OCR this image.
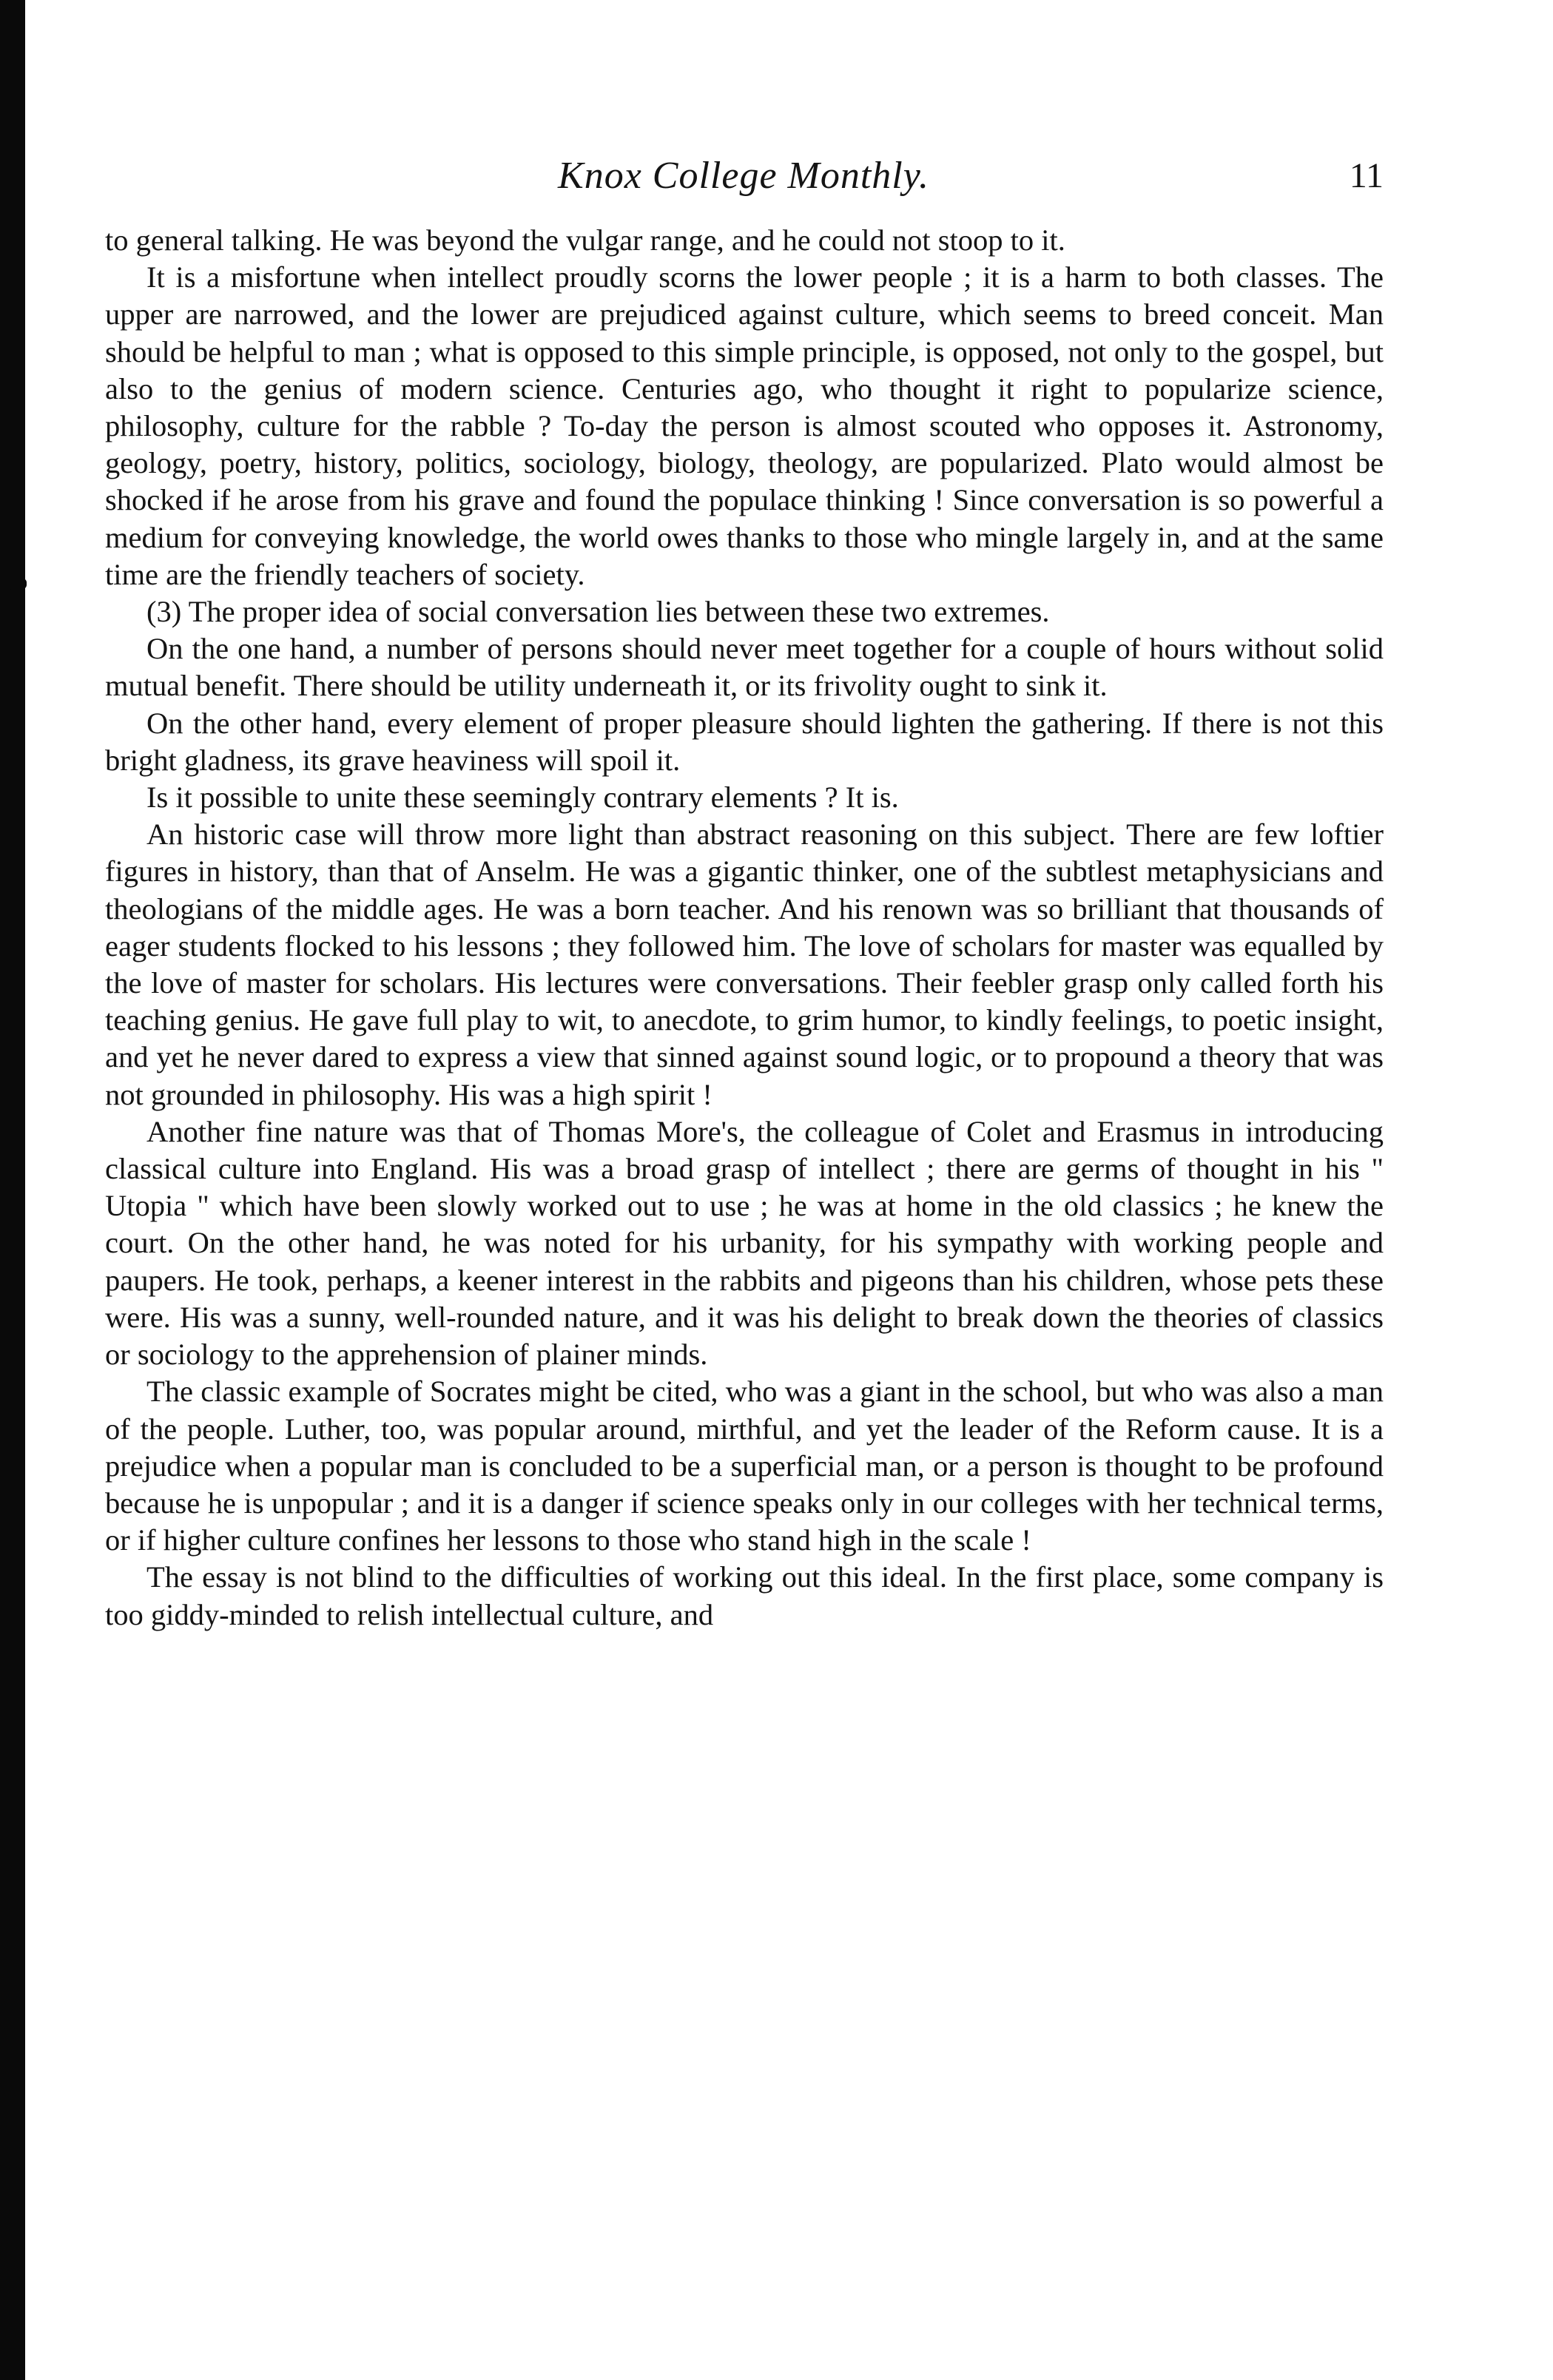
Knox College Monthly.	11

to general talking. He was beyond the vulgar range, and he could not stoop to it.

It is a misfortune when intellect proudly scorns the lower people ; it is a harm to both classes. The upper are narrowed, and the lower are prejudiced against culture, which seems to breed conceit. Man should be helpful to man ; what is opposed to this simple principle, is opposed, not only to the gospel, but also to the genius of modern science. Centuries ago, who thought it right to popularize science, philosophy, culture for the rabble ? To-day the person is almost scouted who opposes it. Astronomy, geology, poetry, history, politics, sociology, biology, theology, are popularized. Plato would almost be shocked if he arose from his grave and found the populace thinking ! Since conversation is so powerful a medium for conveying knowledge, the world owes thanks to those who mingle largely in, and at the same time are the friendly teachers of society.

(3) The proper idea of social conversation lies between these two extremes.

On the one hand, a number of persons should never meet together for a couple of hours without solid mutual benefit. There should be utility underneath it, or its frivolity ought to sink it.

On the other hand, every element of proper pleasure should lighten the gathering. If there is not this bright gladness, its grave heaviness will spoil it.

Is it possible to unite these seemingly contrary elements ? It is.

An historic case will throw more light than abstract reasoning on this subject. There are few loftier figures in history, than that of Anselm. He was a gigantic thinker, one of the subtlest metaphysicians and theologians of the middle ages. He was a born teacher. And his renown was so brilliant that thousands of eager students flocked to his lessons ; they followed him. The love of scholars for master was equalled by the love of master for scholars. His lectures were conversations. Their feebler grasp only called forth his teaching genius. He gave full play to wit, to anecdote, to grim humor, to kindly feelings, to poetic insight, and yet he never dared to express a view that sinned against sound logic, or to propound a theory that was not grounded in philosophy. His was a high spirit !

Another fine nature was that of Thomas More's, the colleague of Colet and Erasmus in introducing classical culture into England. His was a broad grasp of intellect ; there are germs of thought in his " Utopia " which have been slowly worked out to use ; he was at home in the old classics ; he knew the court. On the other hand, he was noted for his urbanity, for his sympathy with working people and paupers. He took, perhaps, a keener interest in the rabbits and pigeons than his children, whose pets these were. His was a sunny, well-rounded nature, and it was his delight to break down the theories of classics or sociology to the apprehension of plainer minds.

The classic example of Socrates might be cited, who was a giant in the school, but who was also a man of the people. Luther, too, was popular around, mirthful, and yet the leader of the Reform cause. It is a prejudice when a popular man is concluded to be a superficial man, or a person is thought to be profound because he is unpopular ; and it is a danger if science speaks only in our colleges with her technical terms, or if higher culture confines her lessons to those who stand high in the scale !

The essay is not blind to the difficulties of working out this ideal. In the first place, some company is too giddy-minded to relish intellectual culture, and
